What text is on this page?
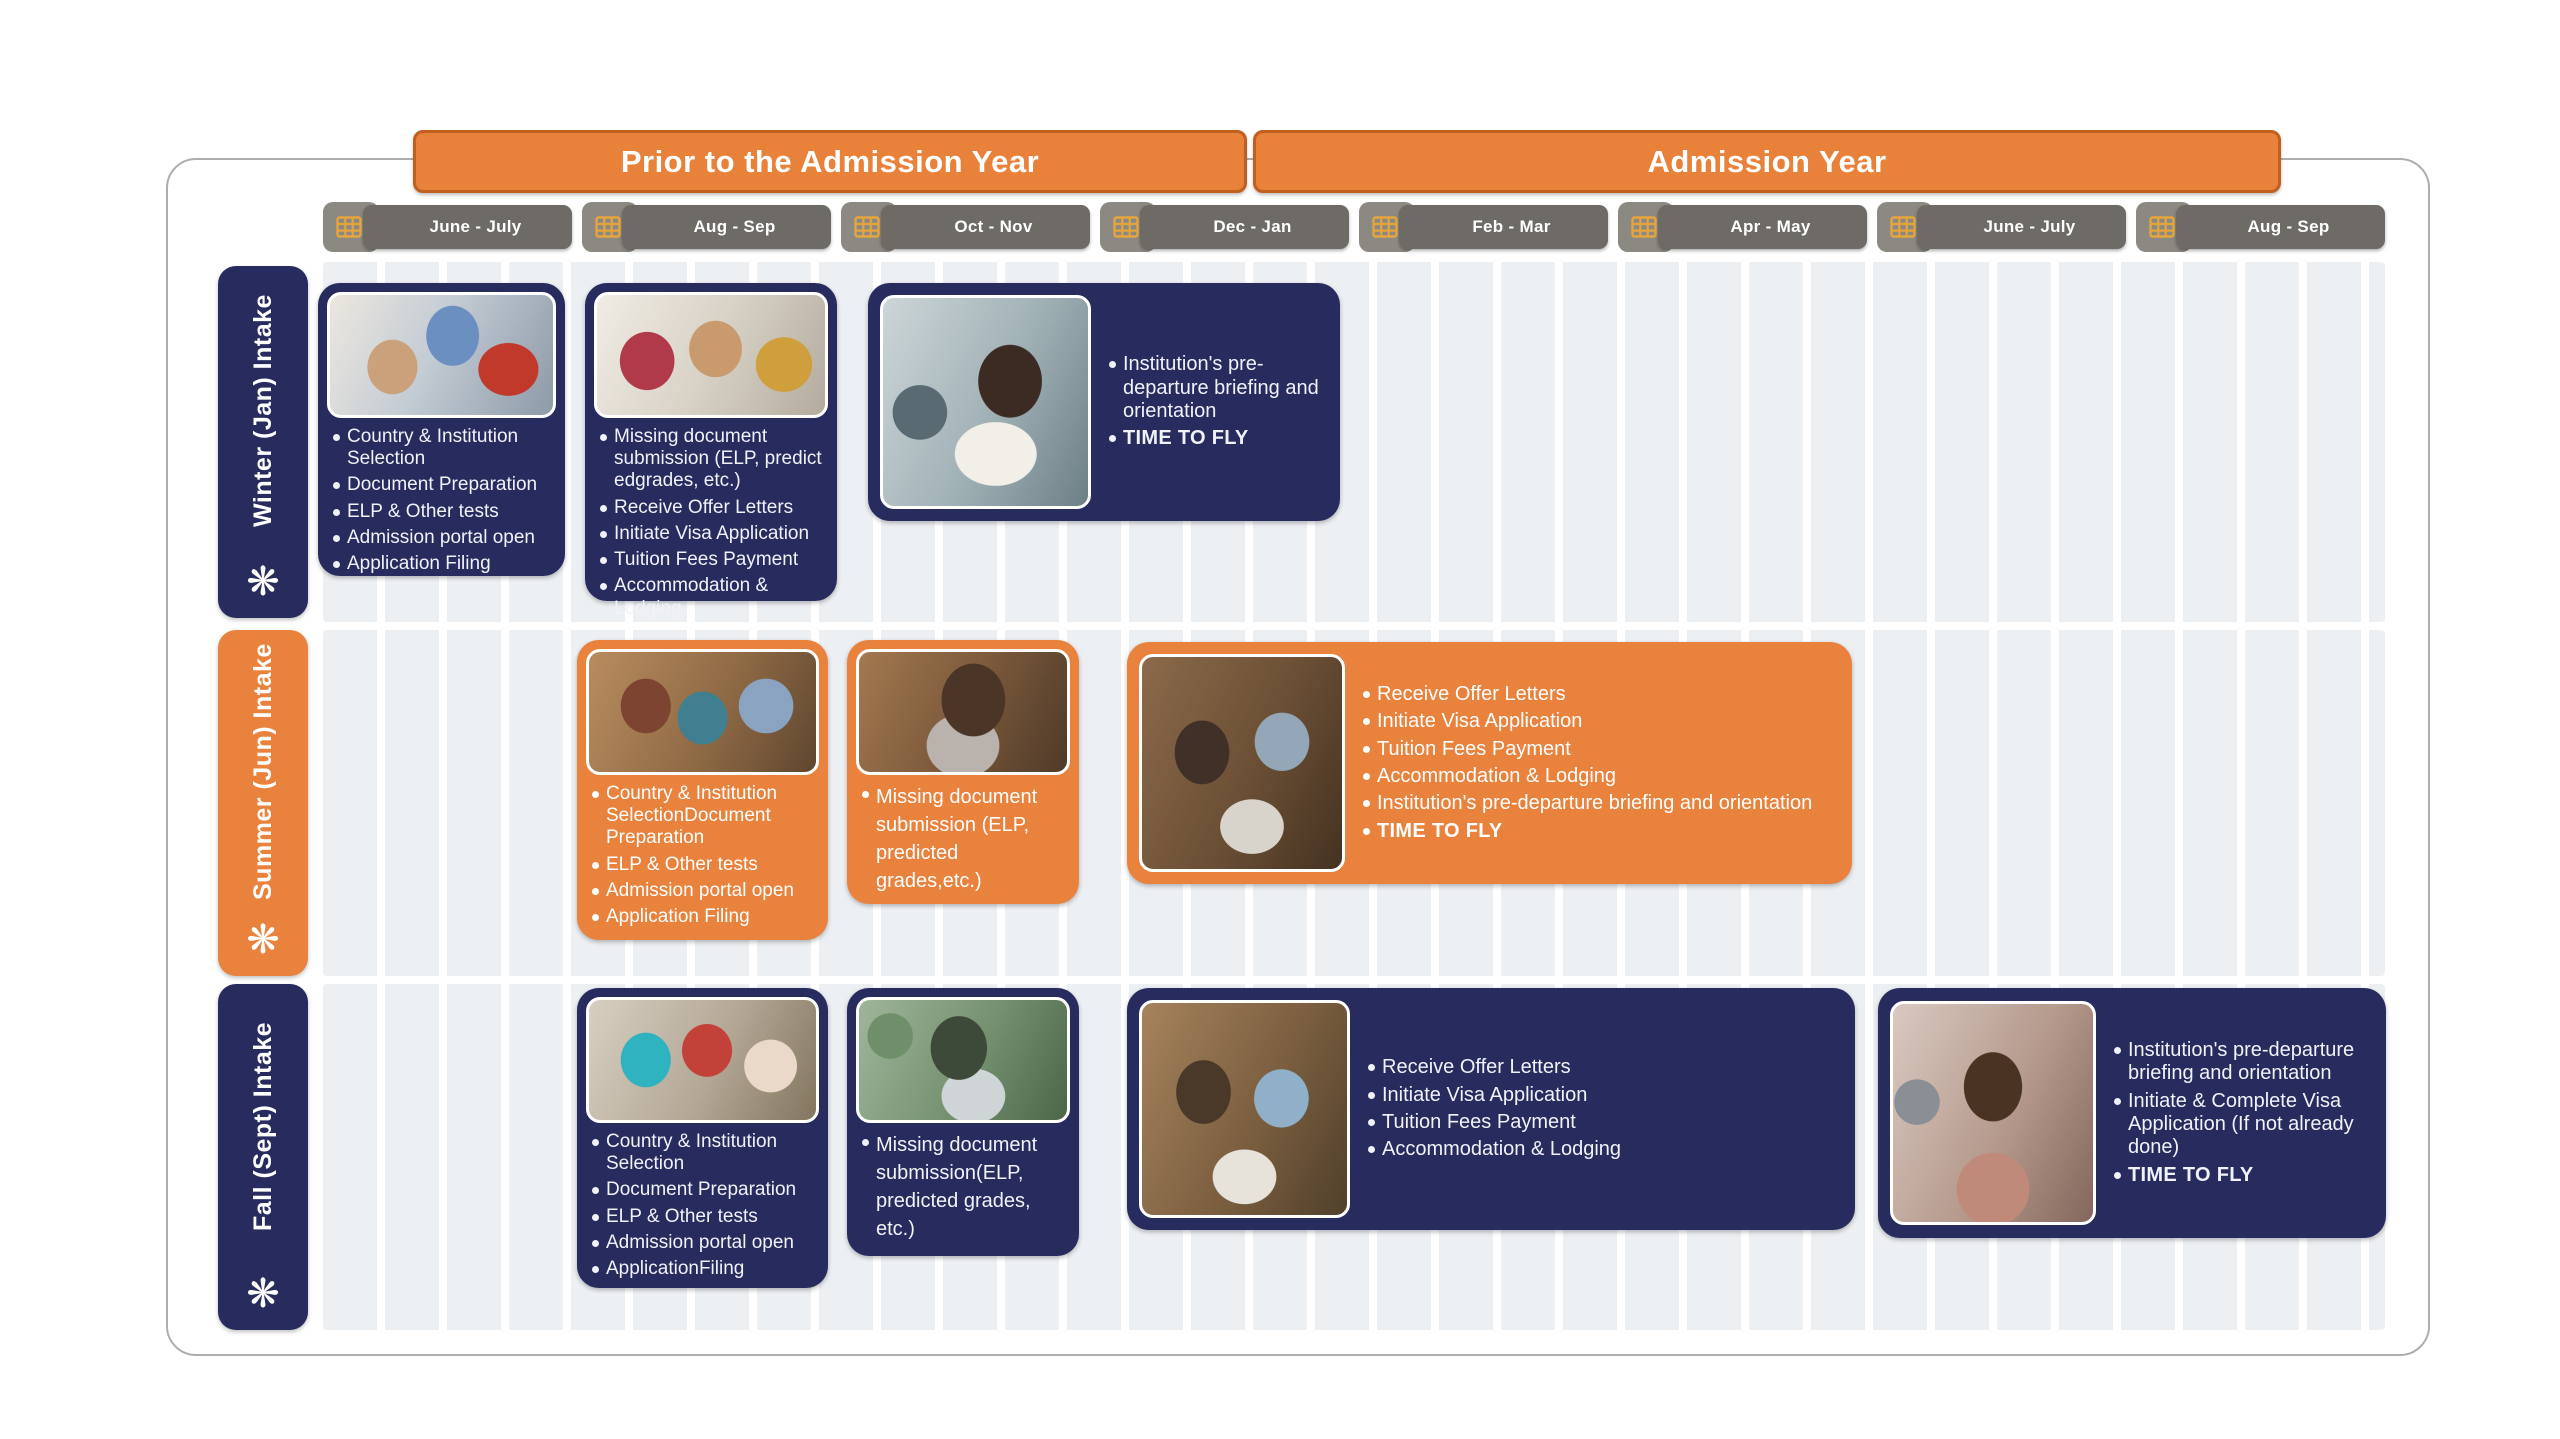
Prior to the Admission Year	Admission Year
June - July	Aug - Sep	Oct - Nov	Dec - Jan	Feb - Mar	Apr - May	June - July	Aug - Sep
Winter (Jan) Intake
❋
Summer (Jun) Intake
❋
Fall (Sept) Intake
❋
Country & Institution Selection
Document Preparation
ELP & Other tests
Admission portal open
Application Filing
Missing document submission (ELP, predict edgrades, etc.)
Receive Offer Letters
Initiate Visa Application
Tuition Fees Payment
Accommodation & Lodging
Institution's pre-departure briefing and orientation
TIME TO FLY
Country & Institution SelectionDocument Preparation
ELP & Other tests
Admission portal open
Application Filing
Missing document submission (ELP, predicted grades,etc.)
Receive Offer Letters
Initiate Visa Application
Tuition Fees Payment
Accommodation & Lodging
Institution's pre-departure briefing and orientation
TIME TO FLY
Country & Institution Selection
Document Preparation
ELP & Other tests
Admission portal open
ApplicationFiling
Missing document submission(ELP, predicted grades, etc.)
Receive Offer Letters
Initiate Visa Application
Tuition Fees Payment
Accommodation & Lodging
Institution's pre-departure briefing and orientation
Initiate & Complete Visa Application (If not already done)
TIME TO FLY
